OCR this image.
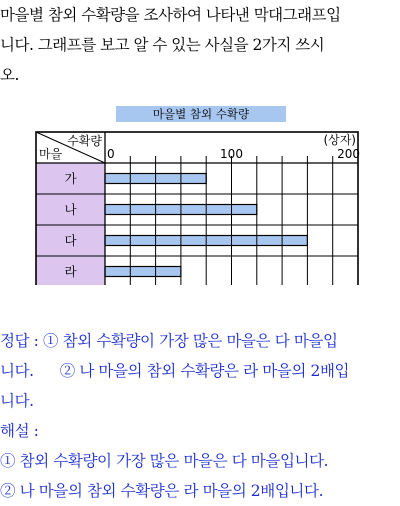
마을별 참외 수확량을 조사하여 나타낸 막대그래프입
니다. 그래프를 보고 알 수 있는 사실을 2가지 쓰시
오.
마을별 참외 수확량
수확량
마을
(상자)
0	100	200
가
나
다
라

정답 : ① 참외 수확량이 가장 많은 마을은 다 마을입

니다. ② 나 마을의 참외 수확량은 라 마을의 2배입

니다.

해설 :

① 참외 수확량이 가장 많은 마을은 다 마을입니다.

② 나 마을의 참외 수확량은 라 마을의 2배입니다.
